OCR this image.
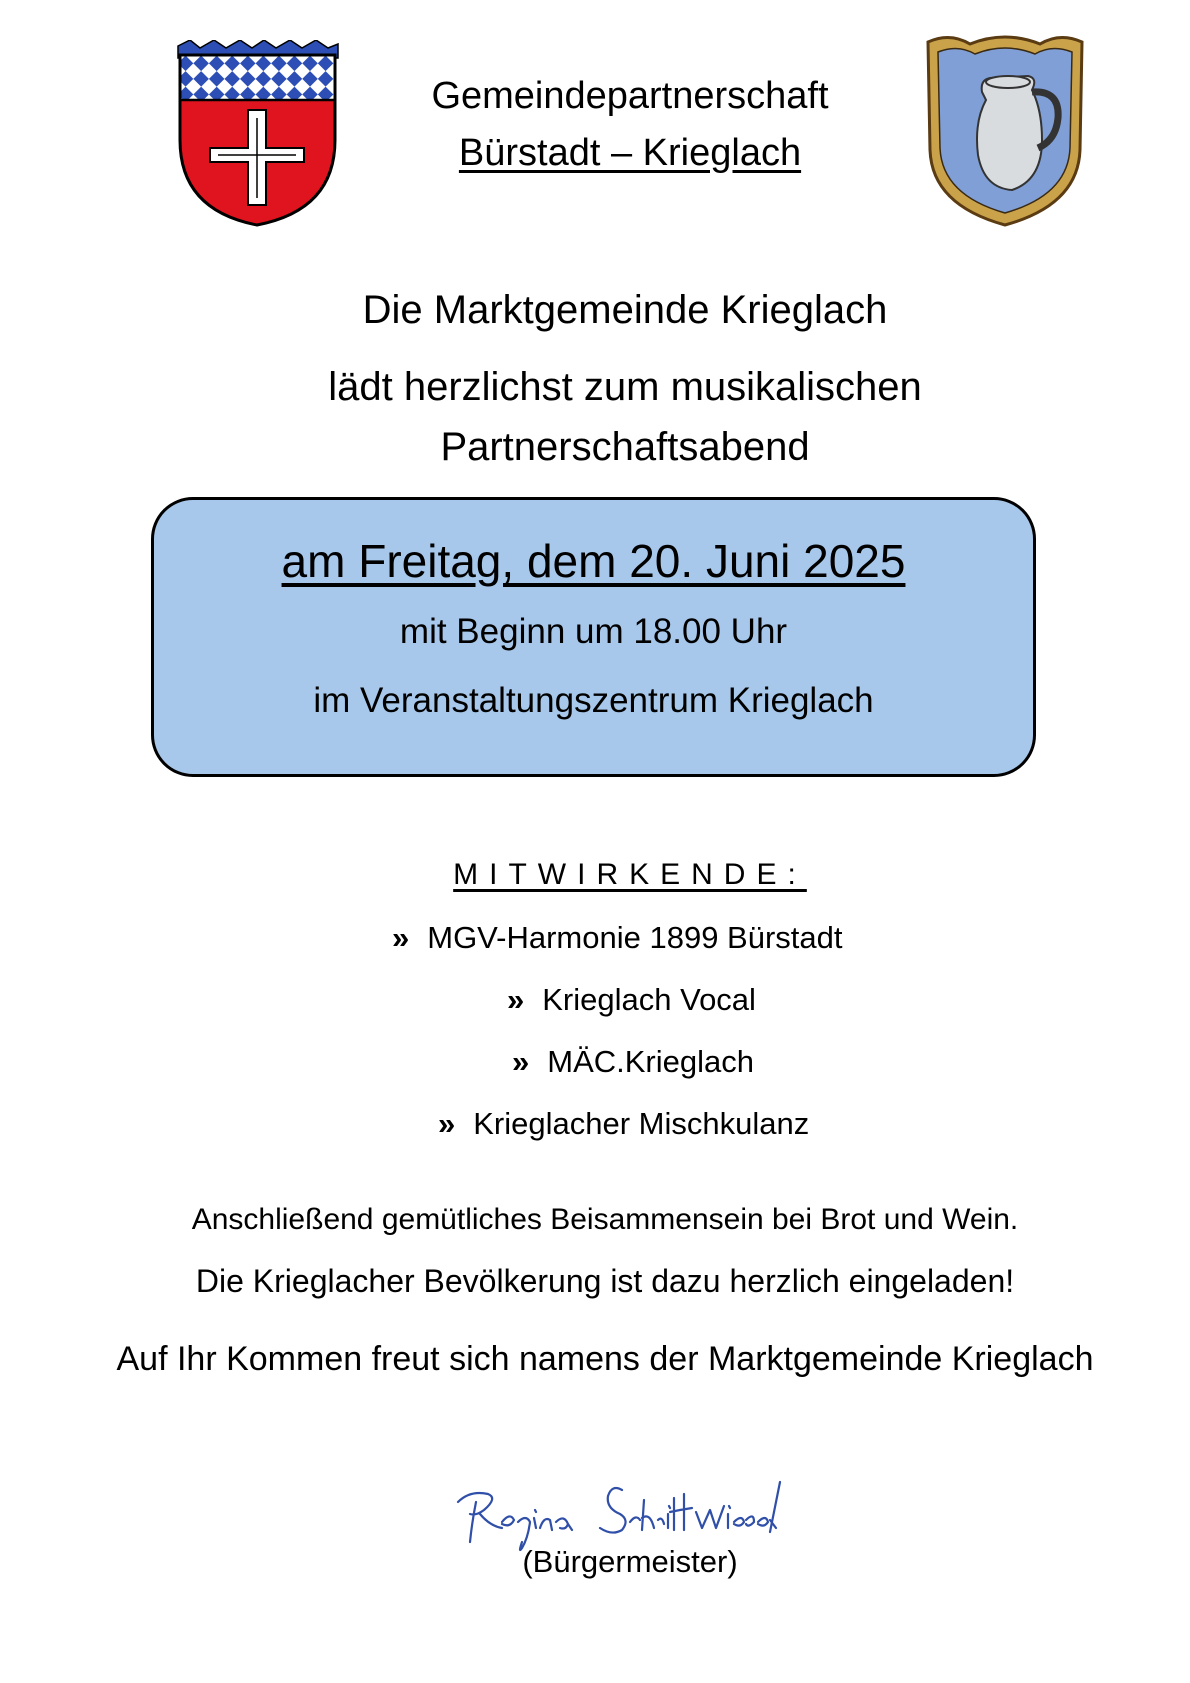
Gemeindepartnerschaft
Bürstadt – Krieglach
Die Marktgemeinde Krieglach
lädt herzlichst zum musikalischen
Partnerschaftsabend
am Freitag, dem 20. Juni 2025
mit Beginn um 18.00 Uhr
im Veranstaltungszentrum Krieglach
MITWIRKENDE:
» MGV-Harmonie 1899 Bürstadt
» Krieglach Vocal
» MÄC.Krieglach
» Krieglacher Mischkulanz
Anschließend gemütliches Beisammensein bei Brot und Wein.
Die Krieglacher Bevölkerung ist dazu herzlich eingeladen!
Auf Ihr Kommen freut sich namens der Marktgemeinde Krieglach
(Bürgermeister)
